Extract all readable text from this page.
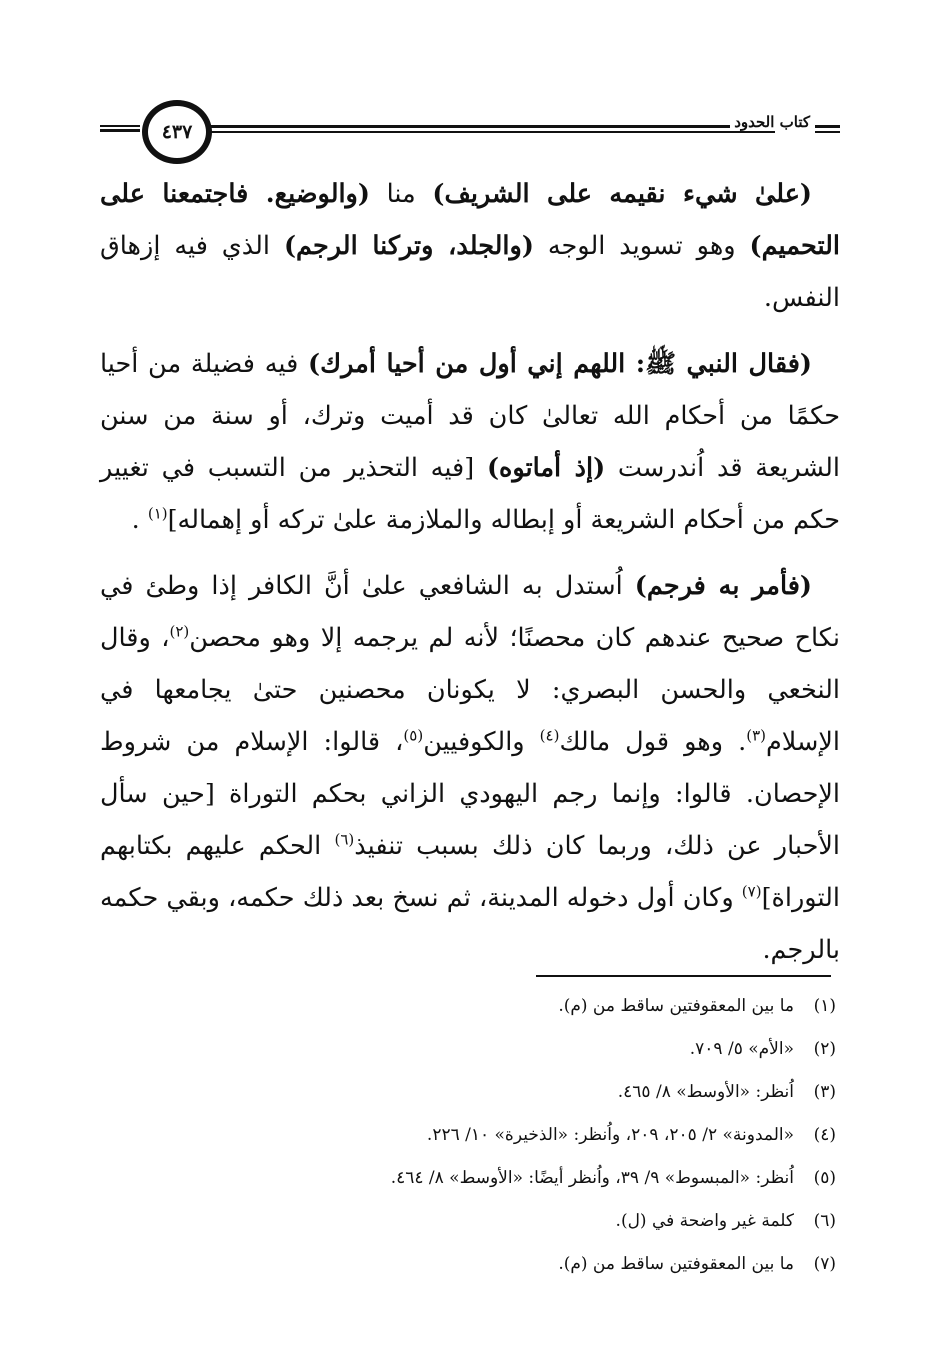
كتاب الحدود
٤٣٧

(علىٰ شيء نقيمه على الشريف) منا (والوضيع. فاجتمعنا على التحميم) وهو تسويد الوجه (والجلد، وتركنا الرجم) الذي فيه إزهاق النفس.

(فقال النبي ﷺ: اللهم إني أول من أحيا أمرك) فيه فضيلة من أحيا حكمًا من أحكام الله تعالىٰ كان قد أميت وترك، أو سنة من سنن الشريعة قد اُندرست (إذ أماتوه) [فيه التحذير من التسبب في تغيير حكم من أحكام الشريعة أو إبطاله والملازمة علىٰ تركه أو إهماله]$^{(١)}$ .

(فأمر به فرجم) اُستدل به الشافعي علىٰ أنَّ الكافر إذا وطئ في نكاح صحيح عندهم كان محصنًا؛ لأنه لم يرجمه إلا وهو محصن$^{(٢)}$، وقال النخعي والحسن البصري: لا يكونان محصنين حتىٰ يجامعها في الإسلام$^{(٣)}$. وهو قول مالك$^{(٤)}$ والكوفيين$^{(٥)}$، قالوا: الإسلام من شروط الإحصان. قالوا: وإنما رجم اليهودي الزاني بحكم التوراة [حين سأل الأحبار عن ذلك، وربما كان ذلك بسبب تنفيذ$^{(٦)}$ الحكم عليهم بكتابهم التوراة]$^{(٧)}$ وكان أول دخوله المدينة، ثم نسخ بعد ذلك حكمه، وبقي حكمه بالرجم.

(١)ما بين المعقوفتين ساقط من (م).
(٢)«الأم» ٥/ ٧٠٩.
(٣)اُنظر: «الأوسط» ٨/ ٤٦٥.
(٤)«المدونة» ٢/ ٢٠٥، ٢٠٩، واُنظر: «الذخيرة» ١٠/ ٢٢٦.
(٥)اُنظر: «المبسوط» ٩/ ٣٩، واُنظر أيضًا: «الأوسط» ٨/ ٤٦٤.
(٦)كلمة غير واضحة في (ل).
(٧)ما بين المعقوفتين ساقط من (م).
